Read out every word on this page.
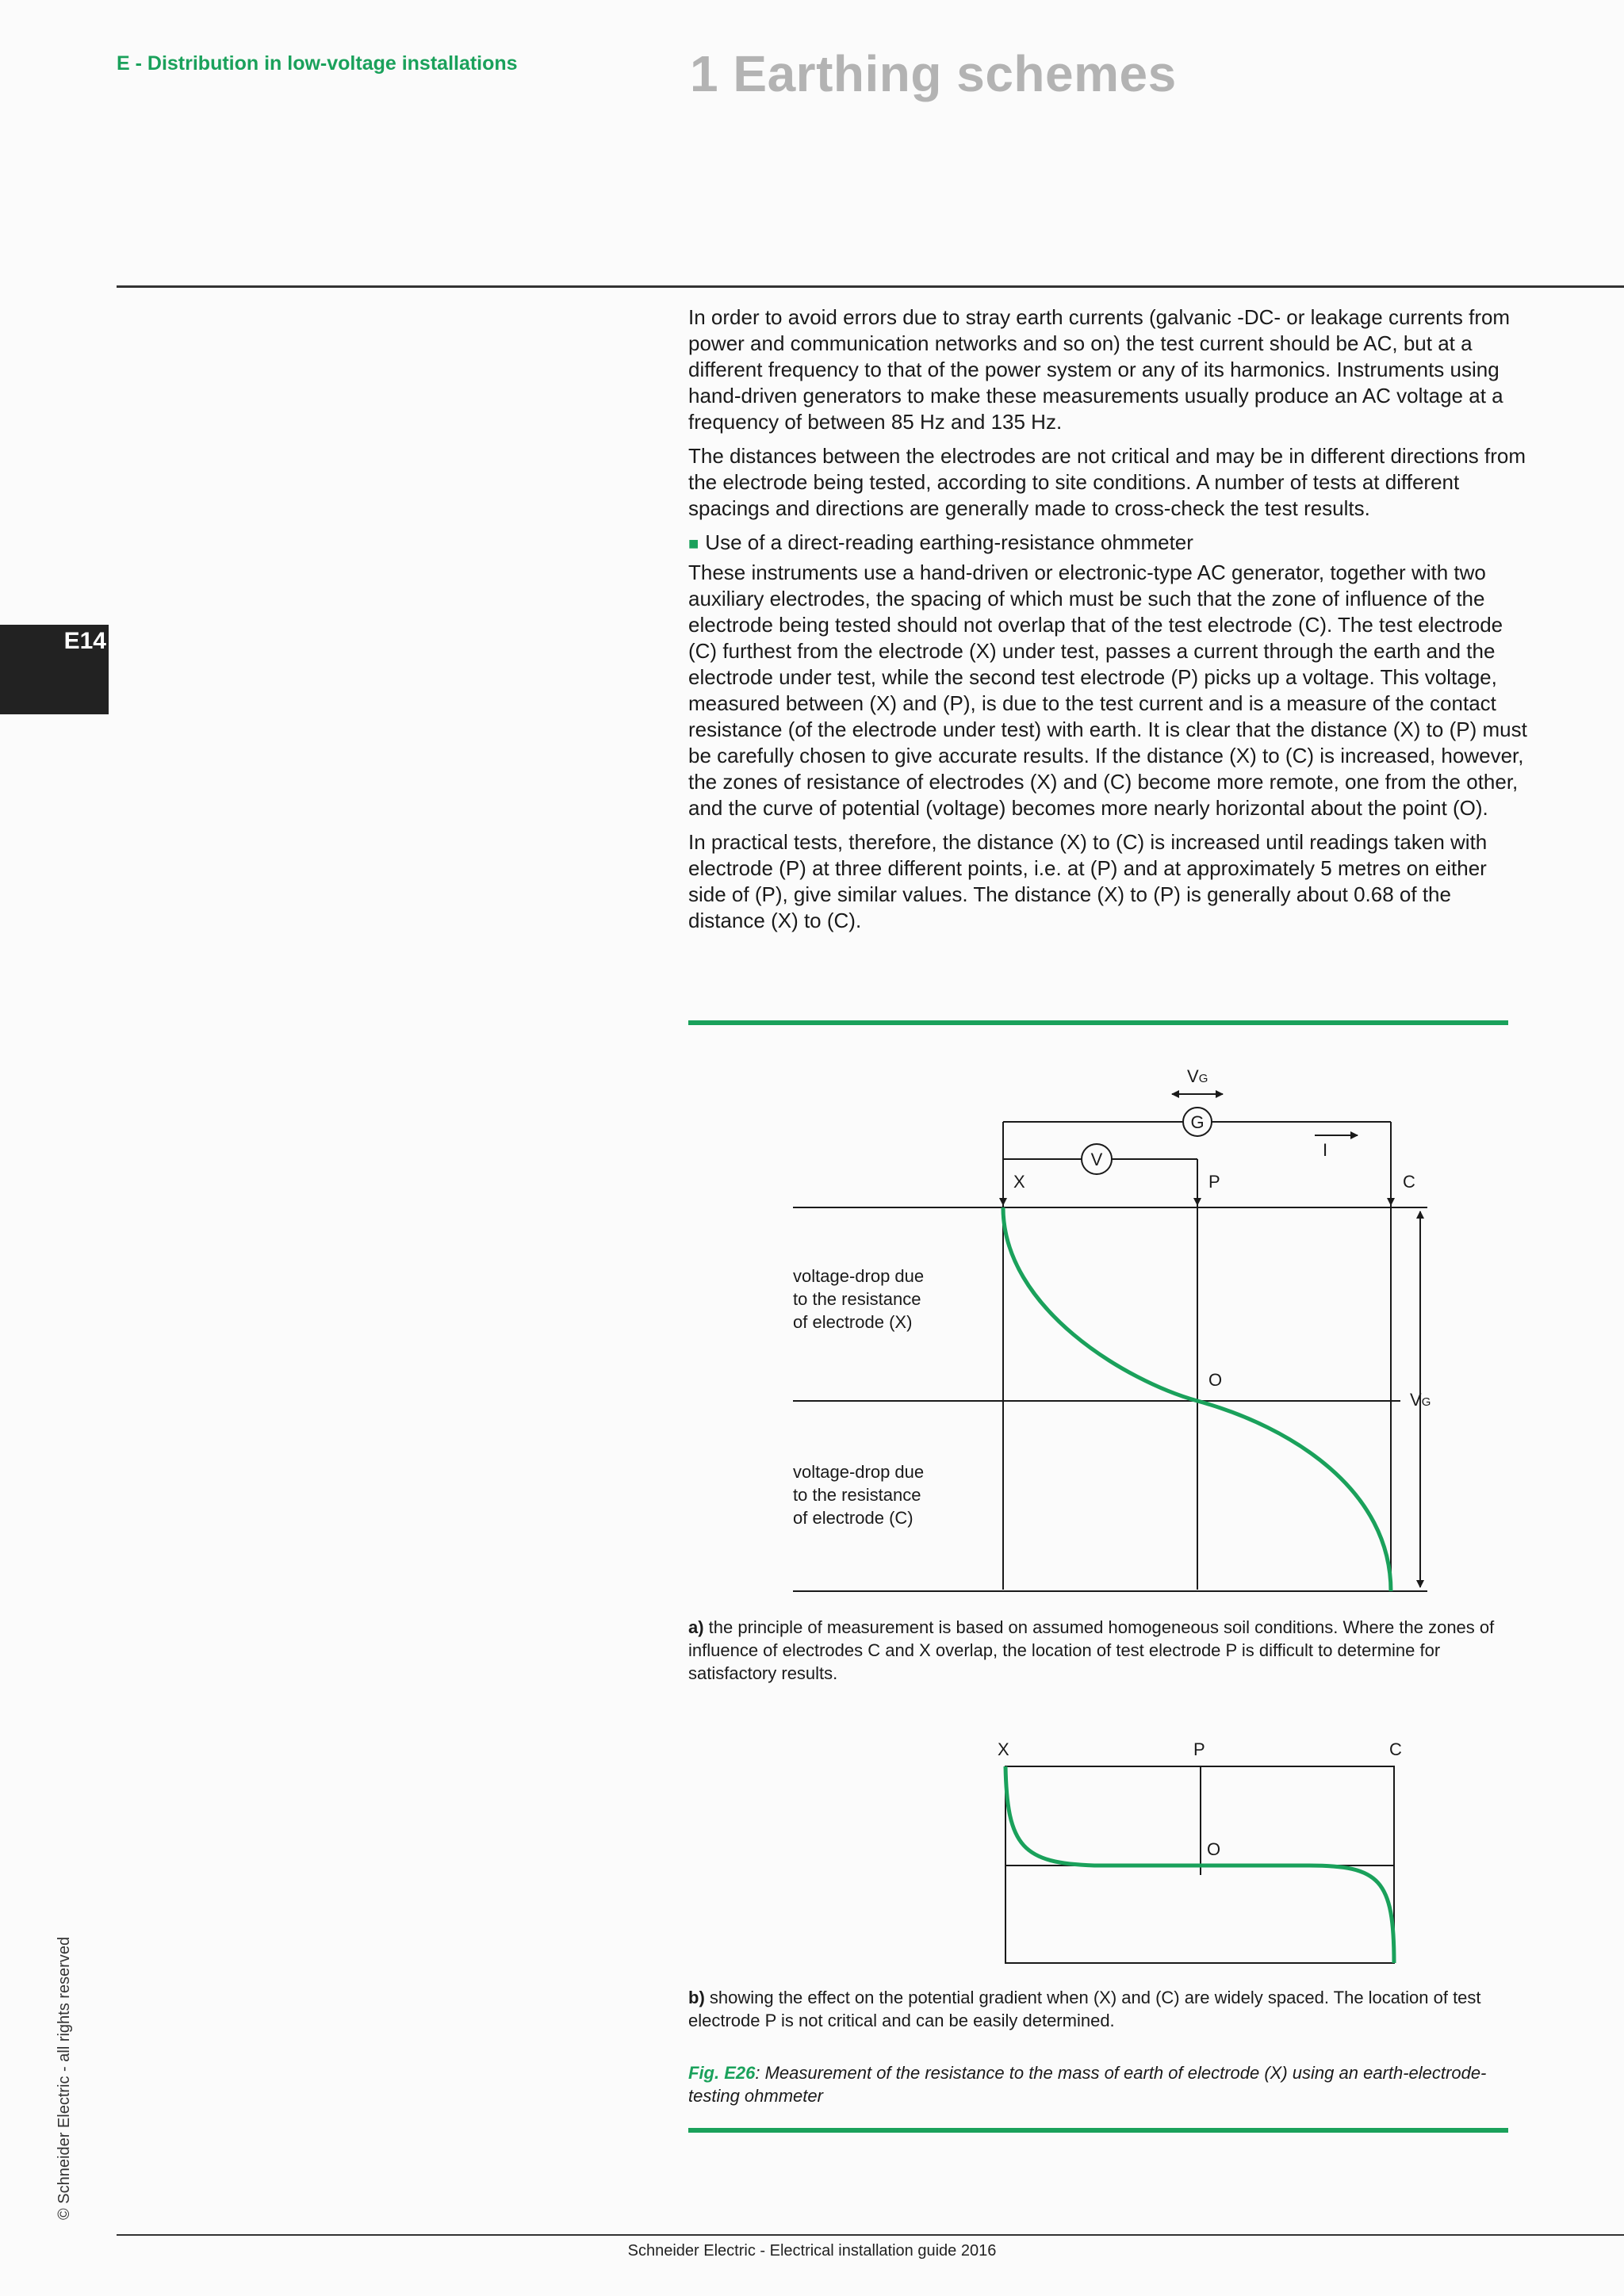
E - Distribution in low-voltage installations	1 Earthing schemes
E14
© Schneider Electric - all rights reserved

In order to avoid errors due to stray earth currents (galvanic -DC- or leakage currents from power and communication networks and so on) the test current should be AC, but at a different frequency to that of the power system or any of its harmonics. Instruments using hand-driven generators to make these measurements usually produce an AC voltage at a frequency of between 85 Hz and 135 Hz.

The distances between the electrodes are not critical and may be in different directions from the electrode being tested, according to site conditions. A number of tests at different spacings and directions are generally made to cross-check the test results.

■ Use of a direct-reading earthing-resistance ohmmeter

These instruments use a hand-driven or electronic-type AC generator, together with two auxiliary electrodes, the spacing of which must be such that the zone of influence of the electrode being tested should not overlap that of the test electrode (C). The test electrode (C) furthest from the electrode (X) under test, passes a current through the earth and the electrode under test, while the second test electrode (P) picks up a voltage. This voltage, measured between (X) and (P), is due to the test current and is a measure of the contact resistance (of the electrode under test) with earth. It is clear that the distance (X) to (P) must be carefully chosen to give accurate results. If the distance (X) to (C) is increased, however, the zones of resistance of electrodes (X) and (C) become more remote, one from the other, and the curve of potential (voltage) becomes more nearly horizontal about the point (O).

In practical tests, therefore, the distance (X) to (C) is increased until readings taken with electrode (P) at three different points, i.e. at (P) and at approximately 5 metres on either side of (P), give similar values. The distance (X) to (P) is generally about 0.68 of the distance (X) to (C).

VG
G
V	I
X	P	C
VG
O
voltage-drop due to the resistance of electrode (X)
voltage-drop due to the resistance of electrode (C)
a) the principle of measurement is based on assumed homogeneous soil conditions. Where the zones of influence of electrodes C and X overlap, the location of test electrode P is difficult to determine for satisfactory results.
X	P	C
O
b) showing the effect on the potential gradient when (X) and (C) are widely spaced. The location of test electrode P is not critical and can be easily determined.
Fig. E26: Measurement of the resistance to the mass of earth of electrode (X) using an earth-electrode-testing ohmmeter
Schneider Electric - Electrical installation guide 2016
